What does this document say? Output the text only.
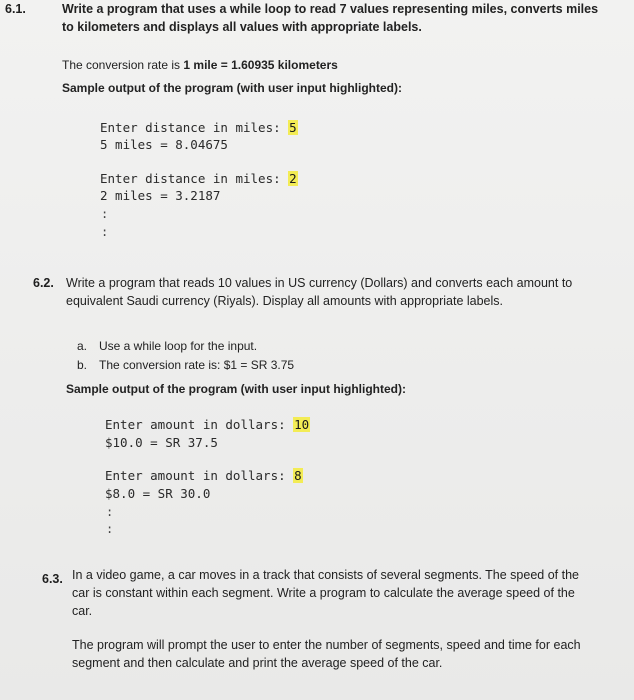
6.1.	Write a program that uses a while loop to read 7 values representing miles, converts miles to kilometers and displays all values with appropriate labels.
The conversion rate is 1 mile = 1.60935 kilometers
Sample output of the program (with user input highlighted):
Enter distance in miles: 5
5 miles = 8.04675
Enter distance in miles: 2
2 miles = 3.2187
:
:
6.2. Write a program that reads 10 values in US currency (Dollars) and converts each amount to equivalent Saudi currency (Riyals). Display all amounts with appropriate labels.
a. Use a while loop for the input.
b. The conversion rate is: $1 = SR 3.75
Sample output of the program (with user input highlighted):
Enter amount in dollars: 10
$10.0 = SR 37.5
Enter amount in dollars: 8
$8.0 = SR 30.0
:
:
6.3. In a video game, a car moves in a track that consists of several segments. The speed of the car is constant within each segment. Write a program to calculate the average speed of the car.
The program will prompt the user to enter the number of segments, speed and time for each segment and then calculate and print the average speed of the car.
